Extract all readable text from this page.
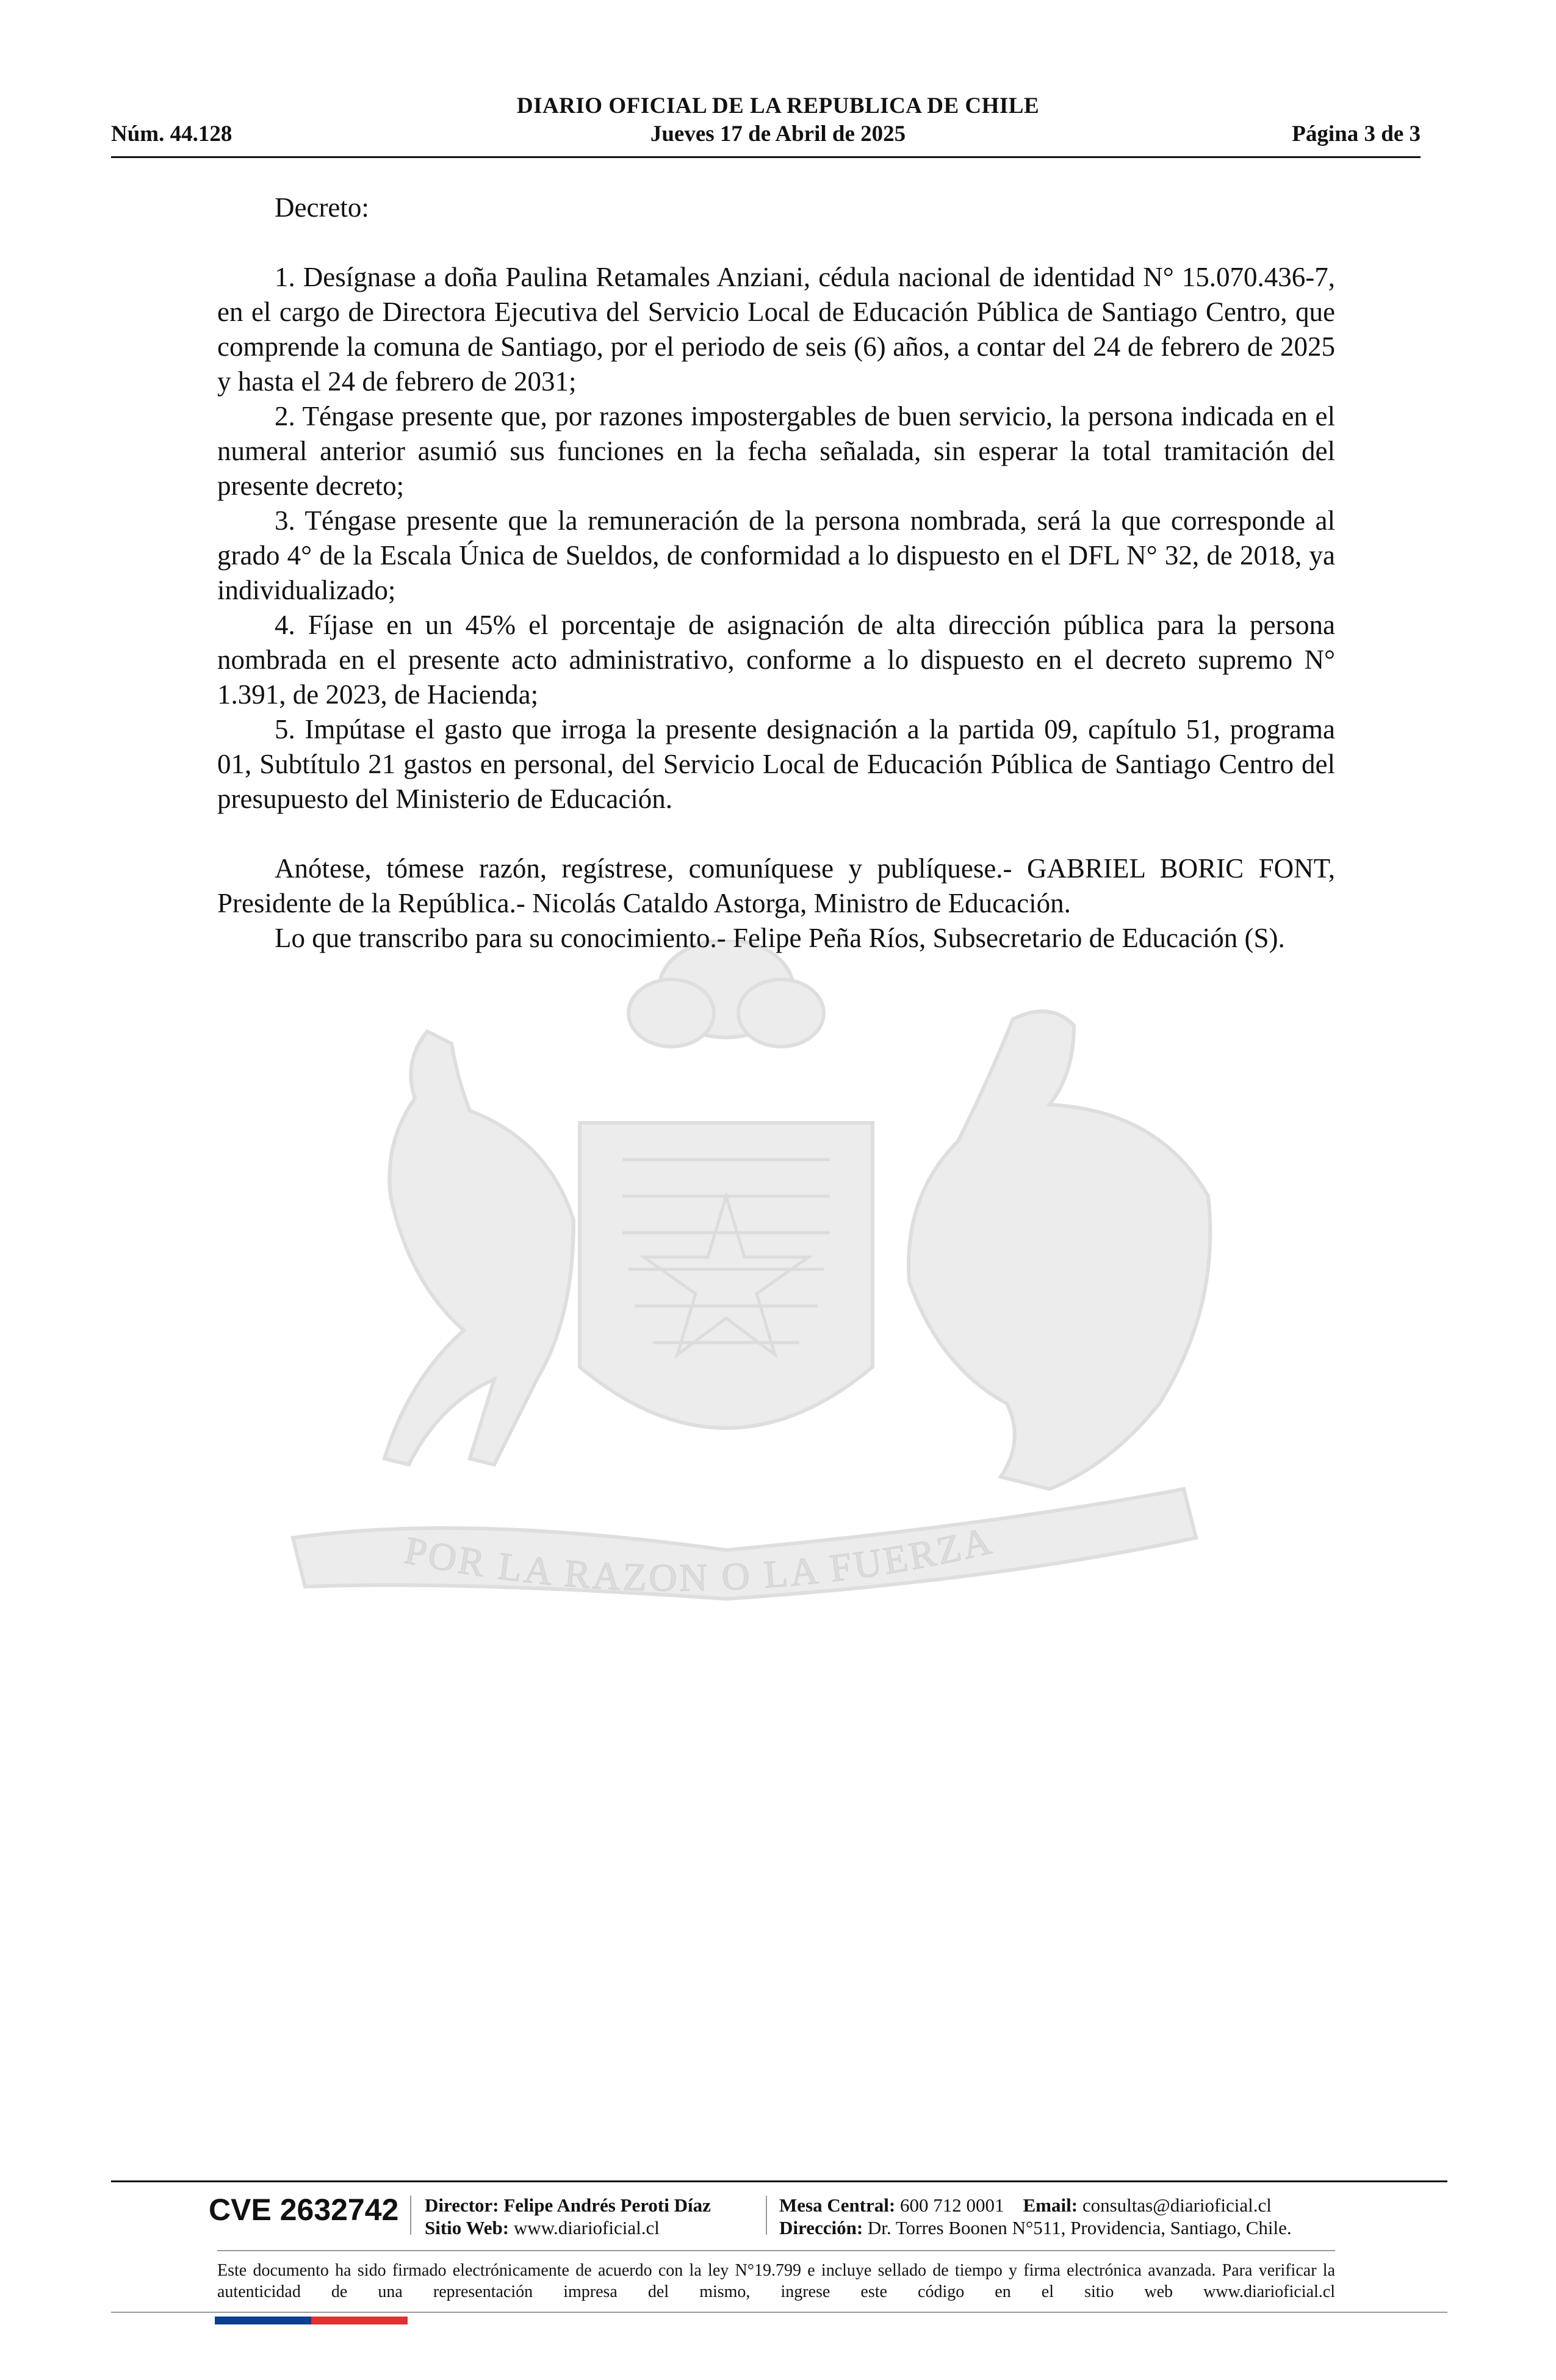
DIARIO OFICIAL DE LA REPUBLICA DE CHILE
Núm. 44.128	Jueves 17 de Abril de 2025	Página 3 de 3
POR LA RAZON O LA FUERZA

Decreto:

1. Desígnase a doña Paulina Retamales Anziani, cédula nacional de identidad N° 15.070.436-7, en el cargo de Directora Ejecutiva del Servicio Local de Educación Pública de Santiago Centro, que comprende la comuna de Santiago, por el periodo de seis (6) años, a contar del 24 de febrero de 2025 y hasta el 24 de febrero de 2031;

2. Téngase presente que, por razones impostergables de buen servicio, la persona indicada en el numeral anterior asumió sus funciones en la fecha señalada, sin esperar la total tramitación del presente decreto;

3. Téngase presente que la remuneración de la persona nombrada, será la que corresponde al grado 4° de la Escala Única de Sueldos, de conformidad a lo dispuesto en el DFL N° 32, de 2018, ya individualizado;

4. Fíjase en un 45% el porcentaje de asignación de alta dirección pública para la persona nombrada en el presente acto administrativo, conforme a lo dispuesto en el decreto supremo N° 1.391, de 2023, de Hacienda;

5. Impútase el gasto que irroga la presente designación a la partida 09, capítulo 51, programa 01, Subtítulo 21 gastos en personal, del Servicio Local de Educación Pública de Santiago Centro del presupuesto del Ministerio de Educación.

Anótese, tómese razón, regístrese, comuníquese y publíquese.- GABRIEL BORIC FONT, Presidente de la República.- Nicolás Cataldo Astorga, Ministro de Educación.

Lo que transcribo para su conocimiento.- Felipe Peña Ríos, Subsecretario de Educación (S).

CVE 2632742 Director: Felipe Andrés Peroti Díaz
Sitio Web: www.diarioficial.cl
Mesa Central: 600 712 0001 Email: consultas@diarioficial.cl
Dirección: Dr. Torres Boonen N°511, Providencia, Santiago, Chile.
Este documento ha sido firmado electrónicamente de acuerdo con la ley N°19.799 e incluye sellado de tiempo y firma electrónica avanzada. Para verificar la autenticidad de una representación impresa del mismo, ingrese este código en el sitio web www.diarioficial.cl
